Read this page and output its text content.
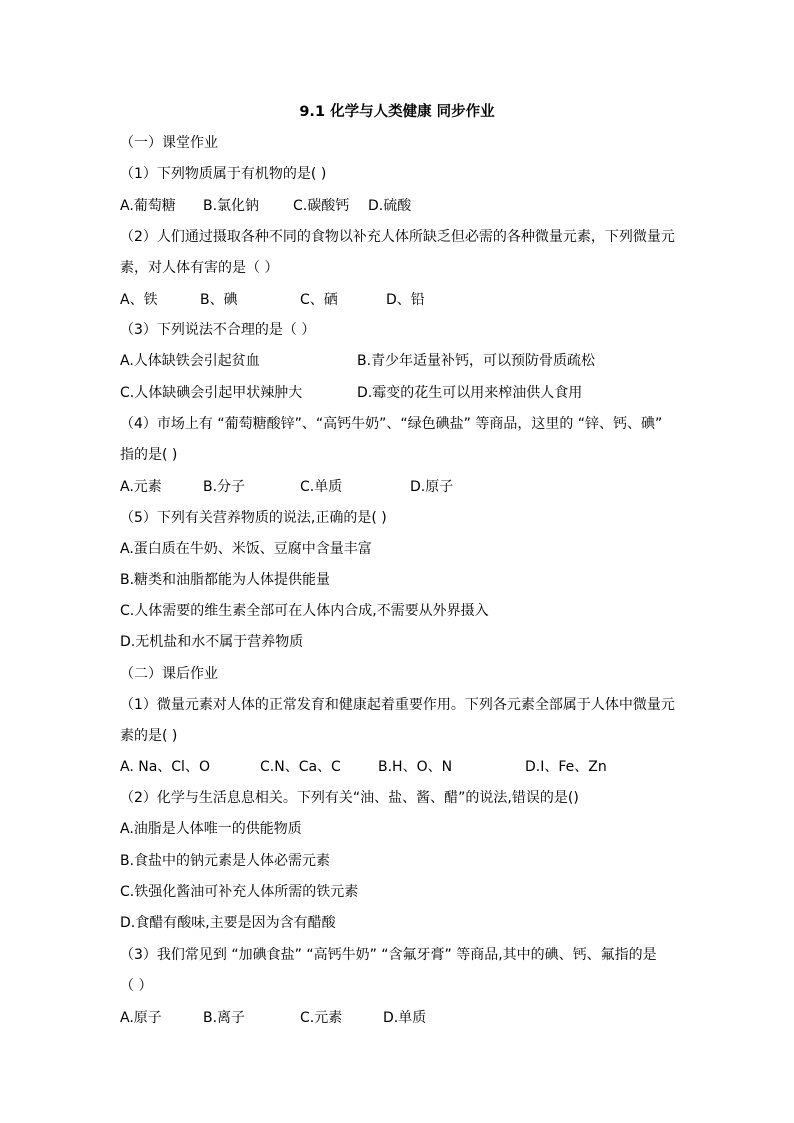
9.1 化学与人类健康 同步作业
（一）课堂作业
（1）下列物质属于有机物的是( )
A.葡萄糖 B.氯化钠 C.碳酸钙 D.硫酸
（2）人们通过摄取各种不同的食物以补充人体所缺乏但必需的各种微量元素，下列微量元
素，对人体有害的是（ ）
A、铁	B、碘	C、硒	D、铅
（3）下列说法不合理的是（ ）
A.人体缺铁会引起贫血	B.青少年适量补钙，可以预防骨质疏松
C.人体缺碘会引起甲状辣肿大	D.霉变的花生可以用来榨油供人食用
（4）市场上有 “葡萄糖酸锌”、“高钙牛奶”、“绿色碘盐” 等商品，这里的 “锌、钙、碘”
指的是( )
A.元素	B.分子	C.单质	D.原子
（5）下列有关营养物质的说法,正确的是( )
A.蛋白质在牛奶、米饭、豆腐中含量丰富
B.糖类和油脂都能为人体提供能量
C.人体需要的维生素全部可在人体内合成,不需要从外界摄入
D.无机盐和水不属于营养物质
（二）课后作业
（1）微量元素对人体的正常发育和健康起着重要作用。下列各元素全部属于人体中微量元
素的是( )
A. Na、Cl、O	C.N、Ca、C	B.H、O、N	D.I、Fe、Zn
（2）化学与生活息息相关。下列有关“油、盐、酱、醋”的说法,错误的是()
A.油脂是人体唯一的供能物质
B.食盐中的钠元素是人体必需元素
C.铁强化酱油可补充人体所需的铁元素
D.食醋有酸味,主要是因为含有醋酸
（3）我们常见到 “加碘食盐” “高钙牛奶” “含氟牙膏” 等商品,其中的碘、钙、氟指的是
（ ）
A.原子	B.离子	C.元素	D.单质
